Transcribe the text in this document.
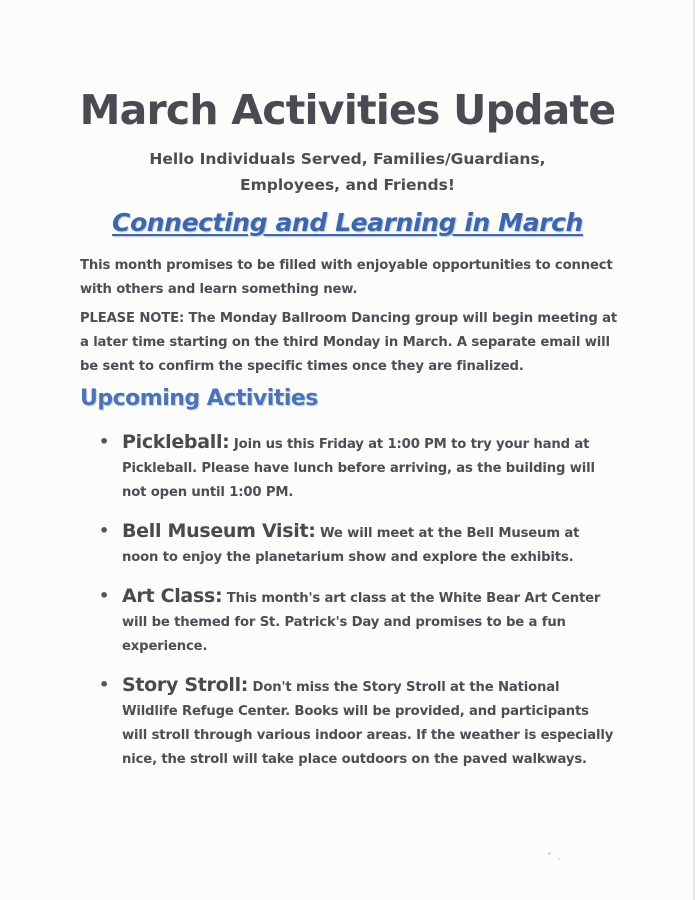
March Activities Update
Hello Individuals Served, Families/Guardians,
Employees, and Friends!
Connecting and Learning in March

This month promises to be filled with enjoyable opportunities to connect with others and learn something new.

PLEASE NOTE: The Monday Ballroom Dancing group will begin meeting at a later time starting on the third Monday in March. A separate email will be sent to confirm the specific times once they are finalized.

Upcoming Activities
• Pickleball: Join us this Friday at 1:00 PM to try your hand at Pickleball. Please have lunch before arriving, as the building will not open until 1:00 PM.
• Bell Museum Visit: We will meet at the Bell Museum at noon to enjoy the planetarium show and explore the exhibits.
• Art Class: This month's art class at the White Bear Art Center will be themed for St. Patrick's Day and promises to be a fun experience.
• Story Stroll: Don't miss the Story Stroll at the National Wildlife Refuge Center. Books will be provided, and participants will stroll through various indoor areas. If the weather is especially nice, the stroll will take place outdoors on the paved walkways.
